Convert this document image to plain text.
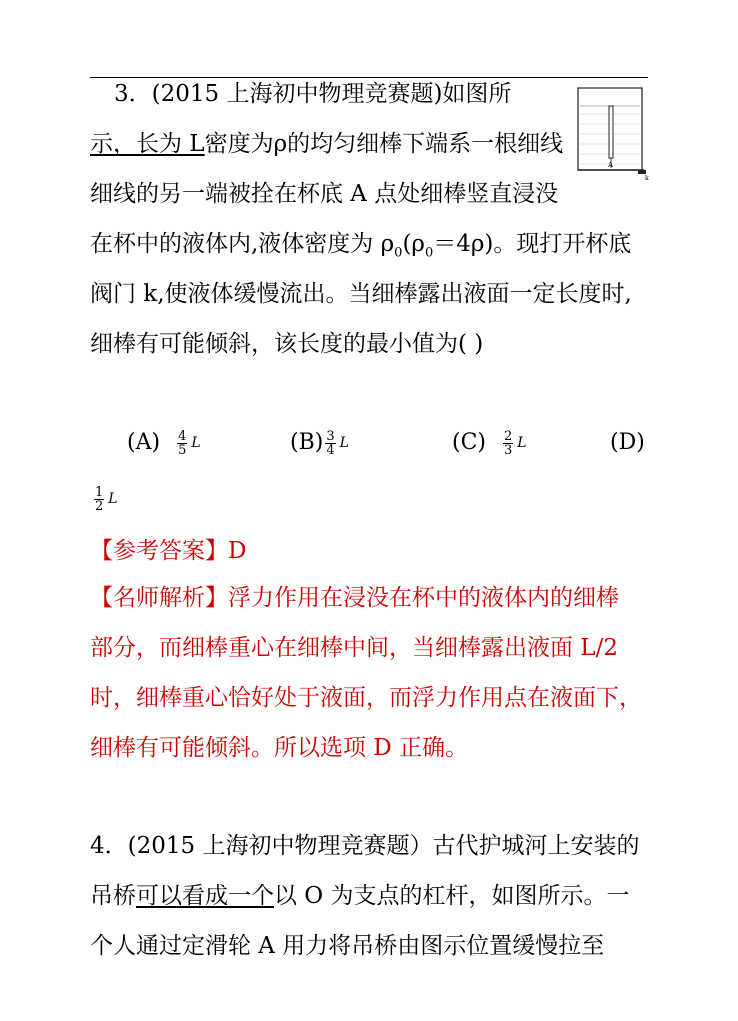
3．(2015 上海初中物理竞赛题)如图所
示，长为 L密度为ρ的均匀细棒下端系一根细线
细线的另一端被拴在杯底 A 点处细棒竖直浸没
在杯中的液体内,液体密度为 $\rho_0(\rho_0=4\rho)$。现打开杯底
阀门 k,使液体缓慢流出。当细棒露出液面一定长度时,
细棒有可能倾斜，该长度的最小值为( )
$(A) \frac{4}{5}$ L	$(B) \frac{3}{4}$ L	$(C) \frac{2}{3}$ L	(D)
$\frac{1}{2}$ L
【参考答案】D
【名师解析】浮力作用在浸没在杯中的液体内的细棒
部分，而细棒重心在细棒中间，当细棒露出液面 L/2
时，细棒重心恰好处于液面，而浮力作用点在液面下，
细棒有可能倾斜。所以选项 D 正确。
4．(2015 上海初中物理竞赛题）古代护城河上安装的
吊桥可以看成一个以 O 为支点的杠杆，如图所示。一
个人通过定滑轮 A 用力将吊桥由图示位置缓慢拉至
A
k
